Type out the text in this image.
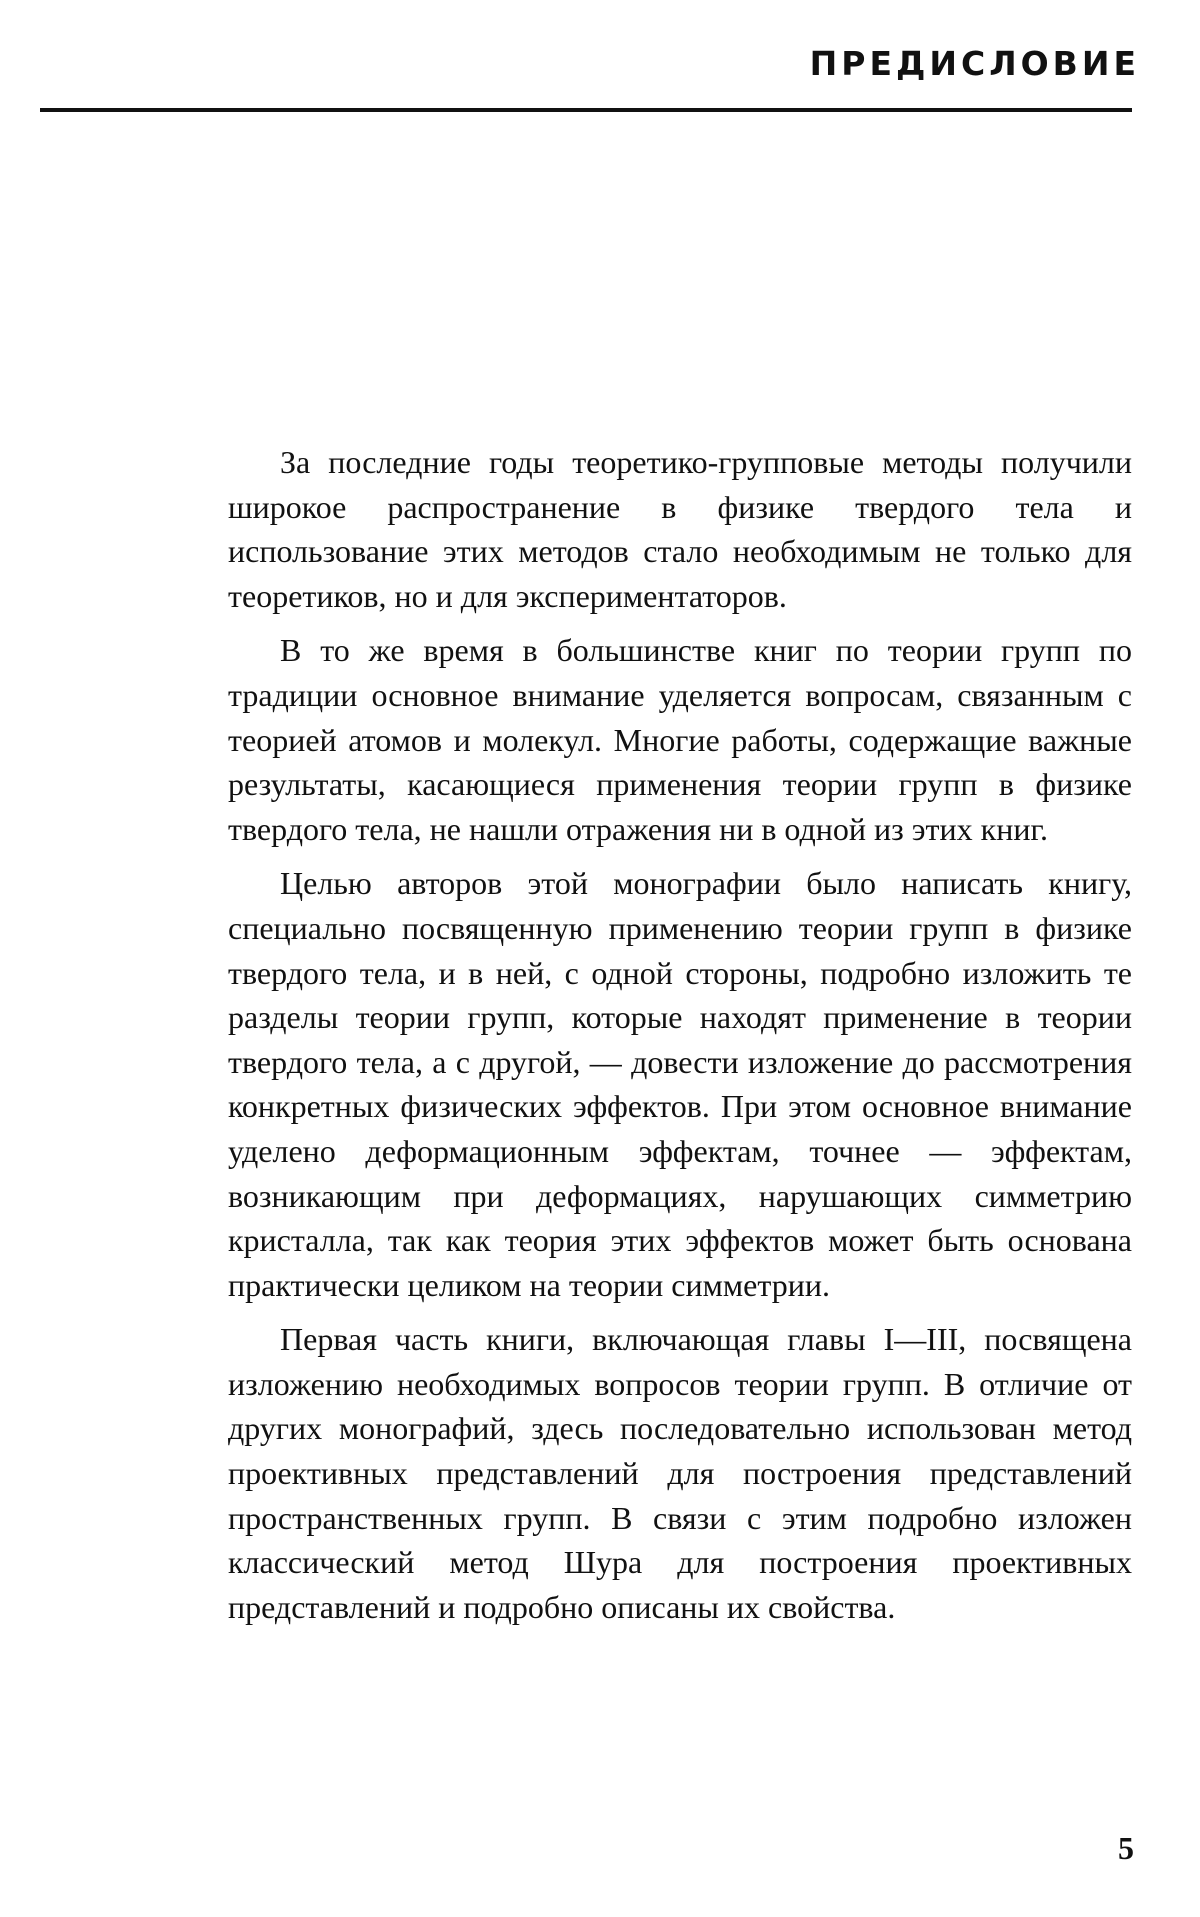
ПРЕДИСЛОВИЕ

За последние годы теоретико-групповые методы получили широкое распространение в физике твердого тела и использование этих методов стало необходимым не только для теоретиков, но и для экспериментаторов.

В то же время в большинстве книг по теории групп по традиции основное внимание уделяется вопросам, связанным с теорией атомов и молекул. Многие работы, содержащие важные результаты, касающиеся применения теории групп в физике твердого тела, не нашли отражения ни в одной из этих книг.

Целью авторов этой монографии было написать книгу, специально посвященную применению теории групп в физике твердого тела, и в ней, с одной стороны, подробно изложить те разделы теории групп, которые находят применение в теории твердого тела, а с другой, — довести изложение до рассмотрения конкретных физических эффектов. При этом основное внимание уделено деформационным эффектам, точнее — эффектам, возникающим при деформациях, нарушающих симметрию кристалла, так как теория этих эффектов может быть основана практически целиком на теории симметрии.

Первая часть книги, включающая главы I—III, посвящена изложению необходимых вопросов теории групп. В отличие от других монографий, здесь последовательно использован метод проективных представлений для построения представлений пространственных групп. В связи с этим подробно изложен классический метод Шура для построения проективных представлений и подробно описаны их свойства.

5
